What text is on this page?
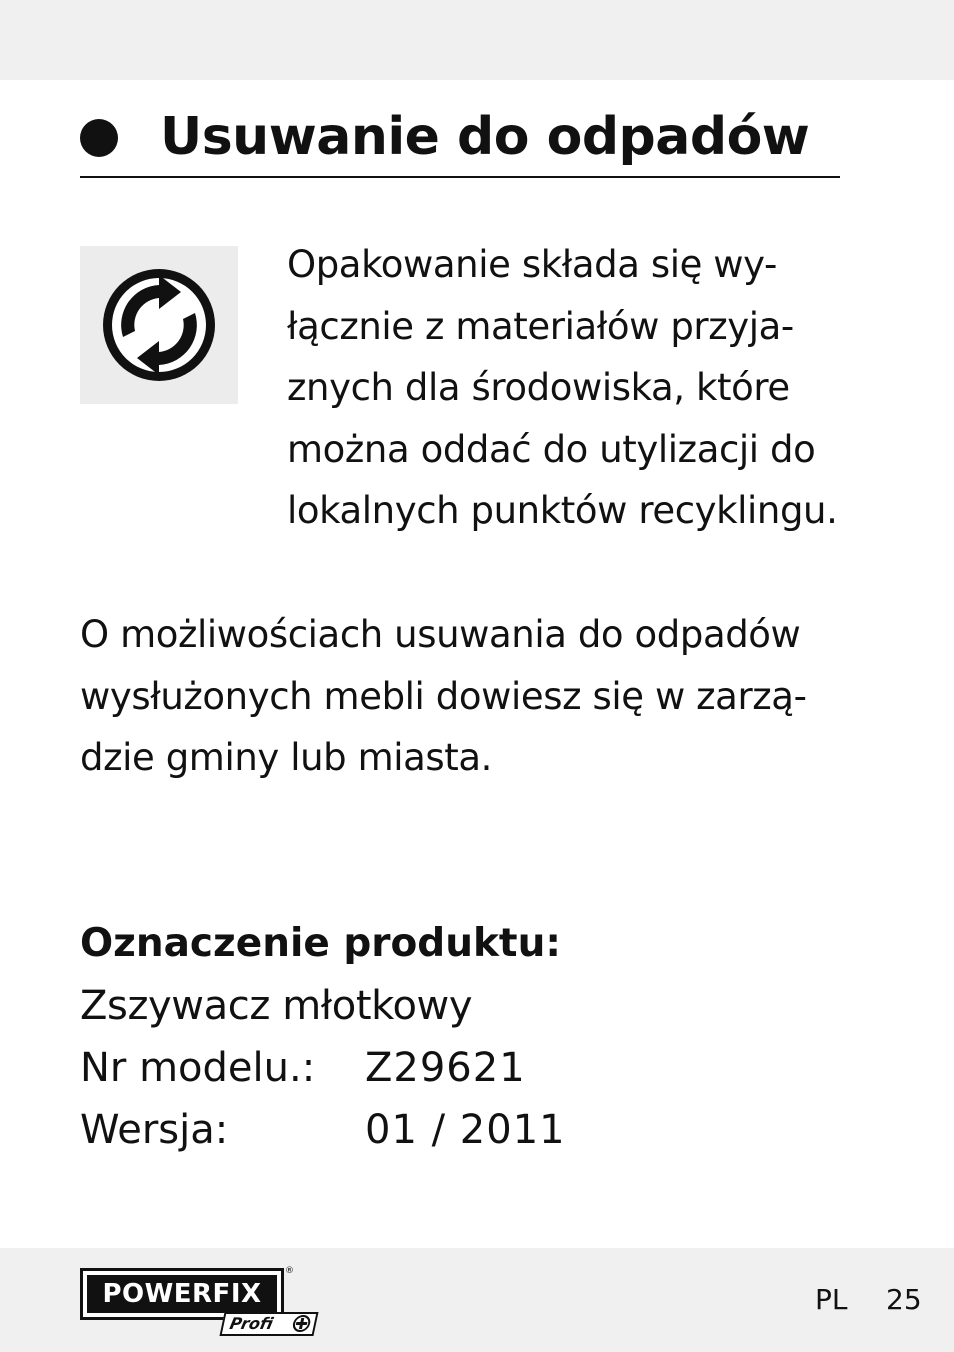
Usuwanie do odpadów

Opakowanie składa się wy-
łącznie z materiałów przyja-
znych dla środowiska, które
można oddać do utylizacji do
lokalnych punktów recyklingu.

O możliwościach usuwania do odpadów
wysłużonych mebli dowiesz się w zarzą-
dzie gminy lub miasta.

Oznaczenie produktu:
Zszywacz młotkowy
Nr modelu.: Z29621
Wersja:	01 / 2011
POWERFIX
®
Profi
PL 25
